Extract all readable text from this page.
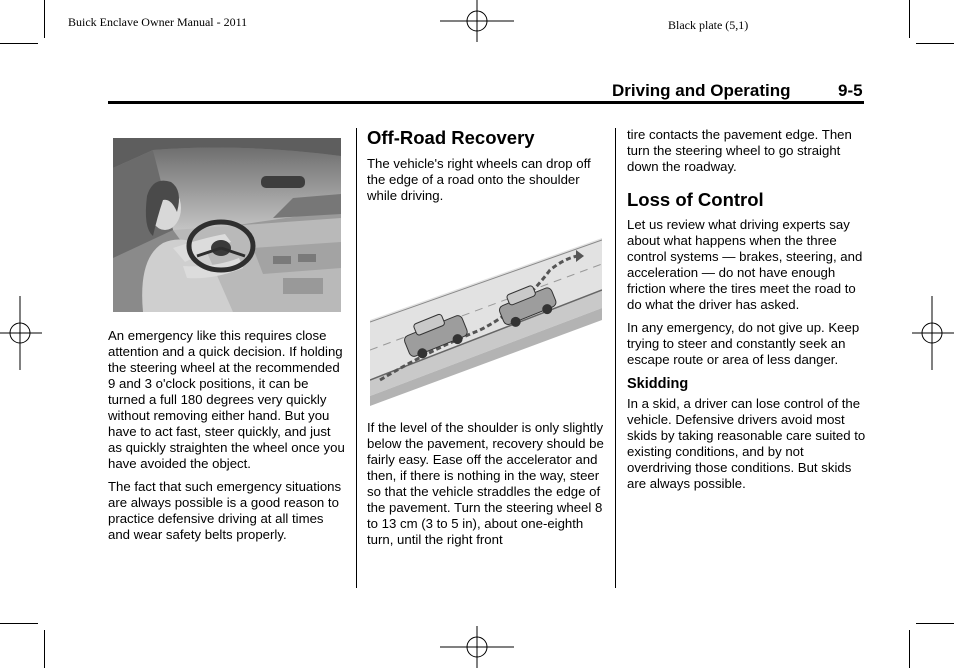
Buick Enclave Owner Manual - 2011	Black plate (5,1)
Driving and Operating	9-5

An emergency like this requires close attention and a quick decision. If holding the steering wheel at the recommended 9 and 3 o'clock positions, it can be turned a full 180 degrees very quickly without removing either hand. But you have to act fast, steer quickly, and just as quickly straighten the wheel once you have avoided the object.

The fact that such emergency situations are always possible is a good reason to practice defensive driving at all times and wear safety belts properly.

Off-Road Recovery

The vehicle's right wheels can drop off the edge of a road onto the shoulder while driving.

If the level of the shoulder is only slightly below the pavement, recovery should be fairly easy. Ease off the accelerator and then, if there is nothing in the way, steer so that the vehicle straddles the edge of the pavement. Turn the steering wheel 8 to 13 cm (3 to 5 in), about one-eighth turn, until the right front

tire contacts the pavement edge. Then turn the steering wheel to go straight down the roadway.

Loss of Control

Let us review what driving experts say about what happens when the three control systems — brakes, steering, and acceleration — do not have enough friction where the tires meet the road to do what the driver has asked.

In any emergency, do not give up. Keep trying to steer and constantly seek an escape route or area of less danger.

Skidding

In a skid, a driver can lose control of the vehicle. Defensive drivers avoid most skids by taking reasonable care suited to existing conditions, and by not overdriving those conditions. But skids are always possible.
